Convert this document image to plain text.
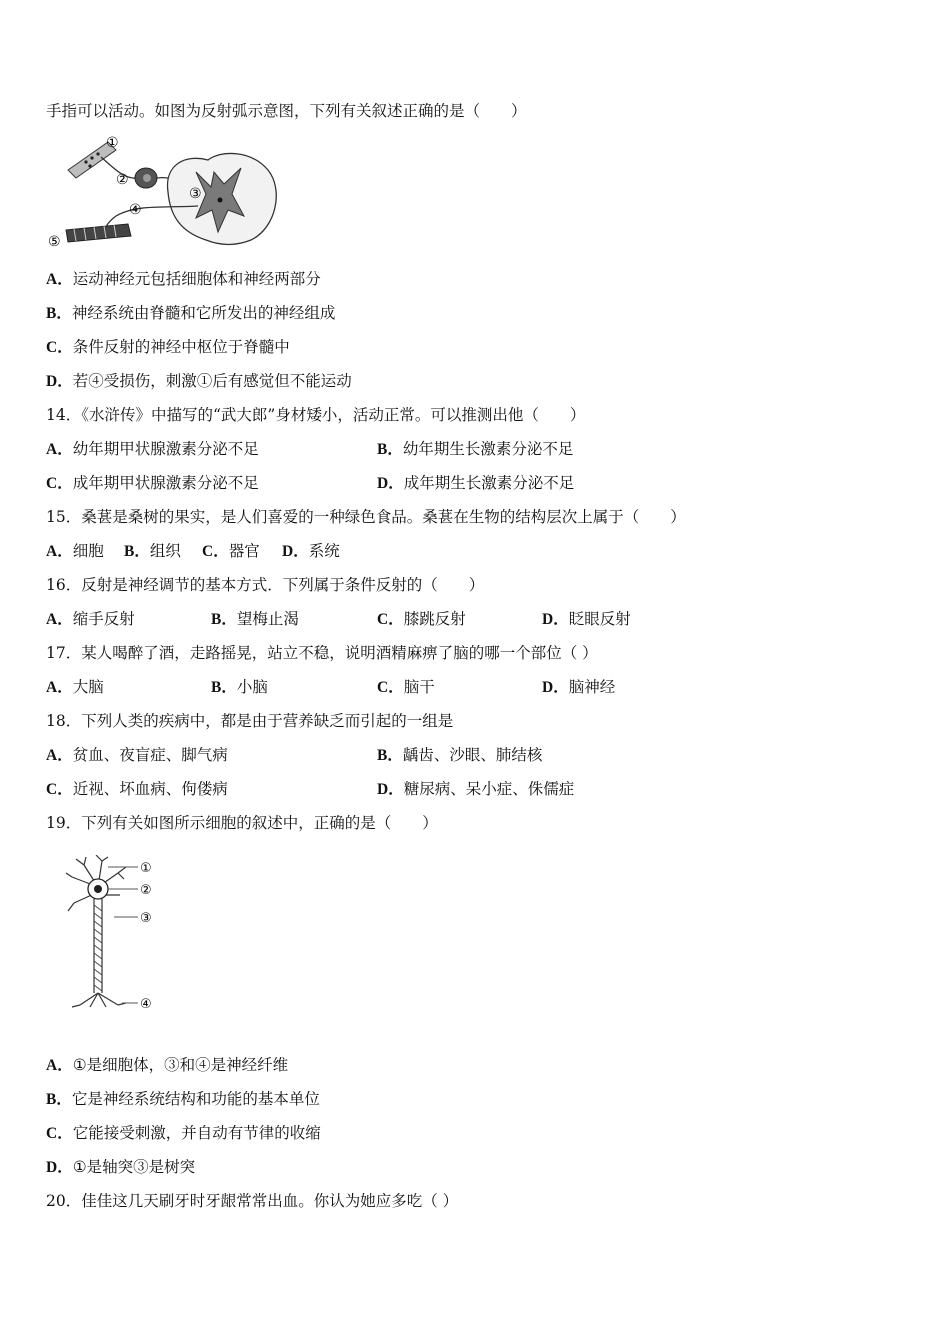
手指可以活动。如图为反射弧示意图，下列有关叙述正确的是（　　）
①
②
③
④
⑤
A．运动神经元包括细胞体和神经两部分
B．神经系统由脊髓和它所发出的神经组成
C．条件反射的神经中枢位于脊髓中
D．若④受损伤，刺激①后有感觉但不能运动
14．《水浒传》中描写的“武大郎”身材矮小，活动正常。可以推测出他（　　）
A．幼年期甲状腺激素分泌不足	B．幼年期生长激素分泌不足
C．成年期甲状腺激素分泌不足	D．成年期生长激素分泌不足
15．桑葚是桑树的果实，是人们喜爱的一种绿色食品。桑葚在生物的结构层次上属于（　　）
A．细胞 B．组织 C．器官 D．系统
16．反射是神经调节的基本方式．下列属于条件反射的（　　）
A．缩手反射	B．望梅止渴	C．膝跳反射	D．眨眼反射
17．某人喝醉了酒，走路摇晃，站立不稳，说明酒精麻痹了脑的哪一个部位（ ）
A．大脑	B．小脑	C．脑干	D．脑神经
18．下列人类的疾病中，都是由于营养缺乏而引起的一组是
A．贫血、夜盲症、脚气病	B．龋齿、沙眼、肺结核
C．近视、坏血病、佝偻病	D．糖尿病、呆小症、侏儒症
19．下列有关如图所示细胞的叙述中，正确的是（　　）
①
②
③
④
A．①是细胞体，③和④是神经纤维
B．它是神经系统结构和功能的基本单位
C．它能接受刺激，并自动有节律的收缩
D．①是轴突③是树突
20．佳佳这几天刷牙时牙龈常常出血。你认为她应多吃（ ）
